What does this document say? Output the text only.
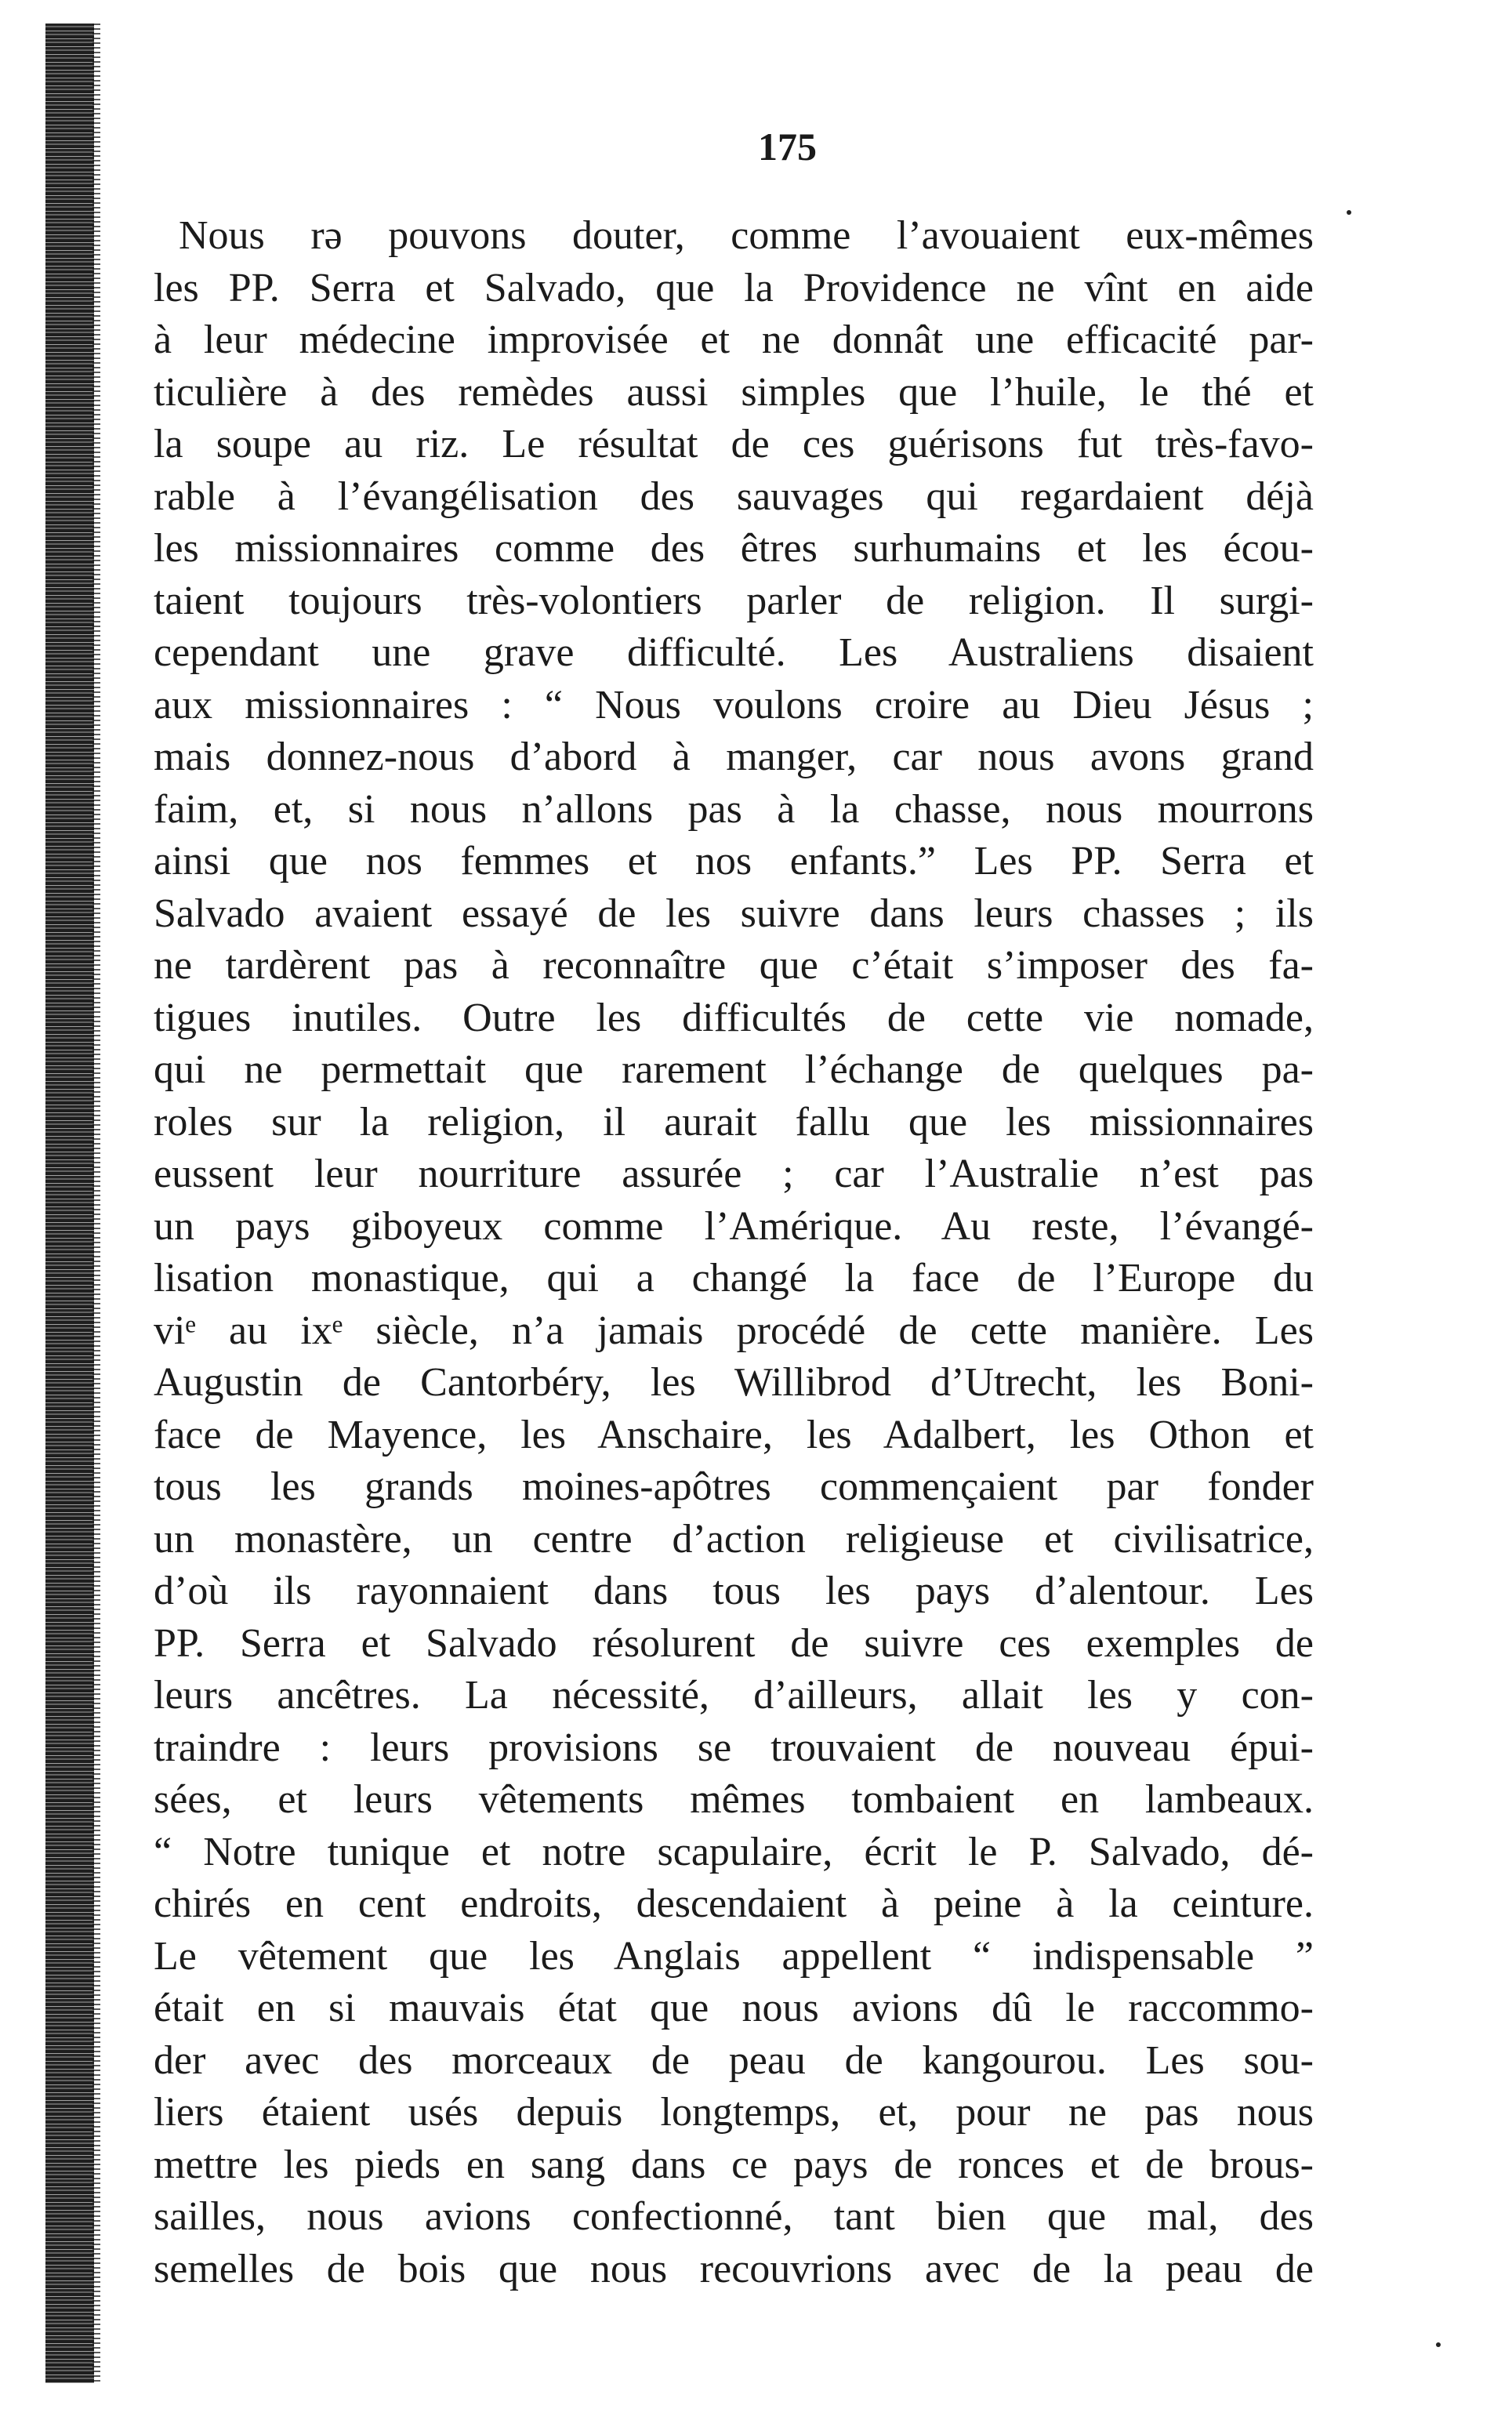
175
Nous rə pouvons douter, comme l’avouaient eux-mêmes
les PP. Serra et Salvado, que la Providence ne vînt en aide
à leur médecine improvisée et ne donnât une efficacité par-
ticulière à des remèdes aussi simples que l’huile, le thé et
la soupe au riz. Le résultat de ces guérisons fut très-favo-
rable à l’évangélisation des sauvages qui regardaient déjà
les missionnaires comme des êtres surhumains et les écou-
taient toujours très-volontiers parler de religion. Il surgi-
cependant une grave difficulté. Les Australiens disaient
aux missionnaires : “ Nous voulons croire au Dieu Jésus ;
mais donnez-nous d’abord à manger, car nous avons grand
faim, et, si nous n’allons pas à la chasse, nous mourrons
ainsi que nos femmes et nos enfants.” Les PP. Serra et
Salvado avaient essayé de les suivre dans leurs chasses ; ils
ne tardèrent pas à reconnaître que c’était s’imposer des fa-
tigues inutiles. Outre les difficultés de cette vie nomade,
qui ne permettait que rarement l’échange de quelques pa-
roles sur la religion, il aurait fallu que les missionnaires
eussent leur nourriture assurée ; car l’Australie n’est pas
un pays giboyeux comme l’Amérique. Au reste, l’évangé-
lisation monastique, qui a changé la face de l’Europe du
viᵉ au ixᵉ siècle, n’a jamais procédé de cette manière. Les
Augustin de Cantorbéry, les Willibrod d’Utrecht, les Boni-
face de Mayence, les Anschaire, les Adalbert, les Othon et
tous les grands moines-apôtres commençaient par fonder
un monastère, un centre d’action religieuse et civilisatrice,
d’où ils rayonnaient dans tous les pays d’alentour. Les
PP. Serra et Salvado résolurent de suivre ces exemples de
leurs ancêtres. La nécessité, d’ailleurs, allait les y con-
traindre : leurs provisions se trouvaient de nouveau épui-
sées, et leurs vêtements mêmes tombaient en lambeaux.
“ Notre tunique et notre scapulaire, écrit le P. Salvado, dé-
chirés en cent endroits, descendaient à peine à la ceinture.
Le vêtement que les Anglais appellent “ indispensable ”
était en si mauvais état que nous avions dû le raccommo-
der avec des morceaux de peau de kangourou. Les sou-
liers étaient usés depuis longtemps, et, pour ne pas nous
mettre les pieds en sang dans ce pays de ronces et de brous-
sailles, nous avions confectionné, tant bien que mal, des
semelles de bois que nous recouvrions avec de la peau de
